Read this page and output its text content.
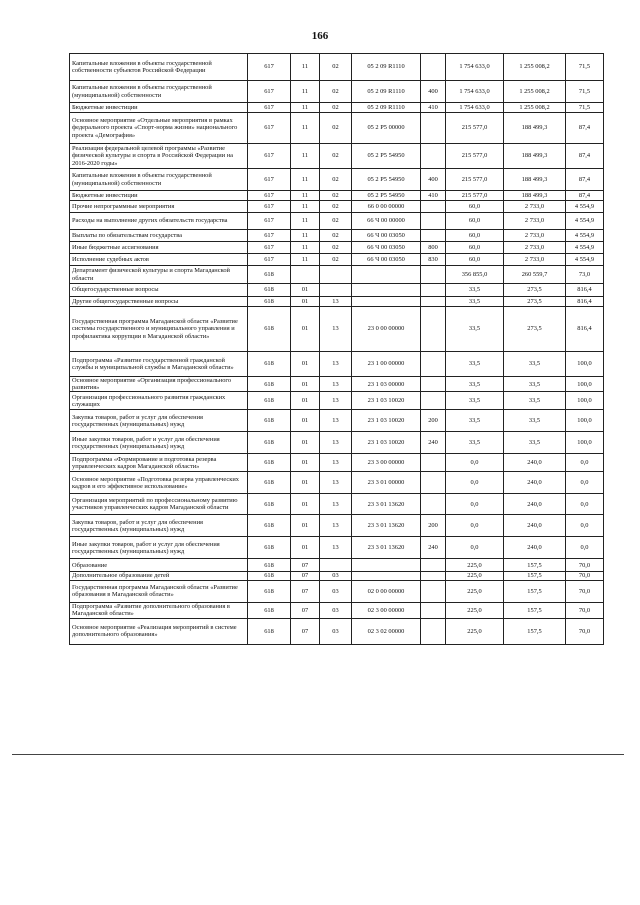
166
Капитальные вложения в объекты государственной собственности субъектов Российской Федерации	617	11	02	05 2 09 R1110		1 754 633,0	1 255 008,2	71,5
Капитальные вложения в объекты государственной (муниципальной) собственности	617	11	02	05 2 09 R1110	400	1 754 633,0	1 255 008,2	71,5
Бюджетные инвестиции	617	11	02	05 2 09 R1110	410	1 754 633,0	1 255 008,2	71,5
Основное мероприятие «Отдельные мероприятия в рамках федерального проекта «Спорт-норма жизни» национального проекта «Демография»	617	11	02	05 2 P5 00000		215 577,0	188 499,3	87,4
Реализация федеральной целевой программы «Развитие физической культуры и спорта в Российской Федерации на 2016-2020 годы»	617	11	02	05 2 P5 54950		215 577,0	188 499,3	87,4
Капитальные вложения в объекты государственной (муниципальной) собственности	617	11	02	05 2 P5 54950	400	215 577,0	188 499,3	87,4
Бюджетные инвестиции	617	11	02	05 2 P5 54950	410	215 577,0	188 499,3	87,4
Прочие непрограммные мероприятия	617	11	02	66 0 00 00000		60,0	2 733,0	4 554,9
Расходы на выполнение других обязательств государства	617	11	02	66 Ч 00 00000		60,0	2 733,0	4 554,9
Выплаты по обязательствам государства	617	11	02	66 Ч 00 03050		60,0	2 733,0	4 554,9
Иные бюджетные ассигнования	617	11	02	66 Ч 00 03050	800	60,0	2 733,0	4 554,9
Исполнение судебных актов	617	11	02	66 Ч 00 03050	830	60,0	2 733,0	4 554,9
Департамент физической культуры и спорта Магаданской области	618					356 855,0	260 559,7	73,0
Общегосударственные вопросы	618	01				33,5	273,5	816,4
Другие общегосударственные вопросы	618	01	13			33,5	273,5	816,4
Государственная программа Магаданской области «Развитие системы государственного и муниципального управления и профилактика коррупции в Магаданской области»	618	01	13	23 0 00 00000		33,5	273,5	816,4
Подпрограмма «Развитие государственной гражданской службы и муниципальной службы в Магаданской области»	618	01	13	23 1 00 00000		33,5	33,5	100,0
Основное мероприятие «Организация профессионального развития»	618	01	13	23 1 03 00000		33,5	33,5	100,0
Организация профессионального развития гражданских служащих	618	01	13	23 1 03 10020		33,5	33,5	100,0
Закупка товаров, работ и услуг для обеспечения государственных (муниципальных) нужд	618	01	13	23 1 03 10020	200	33,5	33,5	100,0
Иные закупки товаров, работ и услуг для обеспечения государственных (муниципальных) нужд	618	01	13	23 1 03 10020	240	33,5	33,5	100,0
Подпрограмма «Формирование и подготовка резерва управленческих кадров Магаданской области»	618	01	13	23 3 00 00000		0,0	240,0	0,0
Основное мероприятие «Подготовка резерва управленческих кадров и его эффективное использование»	618	01	13	23 3 01 00000		0,0	240,0	0,0
Организация мероприятий по профессиональному развитию участников управленческих кадров Магаданской области	618	01	13	23 3 01 13620		0,0	240,0	0,0
Закупка товаров, работ и услуг для обеспечения государственных (муниципальных) нужд	618	01	13	23 3 01 13620	200	0,0	240,0	0,0
Иные закупки товаров, работ и услуг для обеспечения государственных (муниципальных) нужд	618	01	13	23 3 01 13620	240	0,0	240,0	0,0
Образование	618	07				225,0	157,5	70,0
Дополнительное образование детей	618	07	03			225,0	157,5	70,0
Государственная программа Магаданской области «Развитие образования в Магаданской области»	618	07	03	02 0 00 00000		225,0	157,5	70,0
Подпрограмма «Развитие дополнительного образования в Магаданской области»	618	07	03	02 3 00 00000		225,0	157,5	70,0
Основное мероприятие «Реализация мероприятий в системе дополнительного образования»	618	07	03	02 3 02 00000		225,0	157,5	70,0
